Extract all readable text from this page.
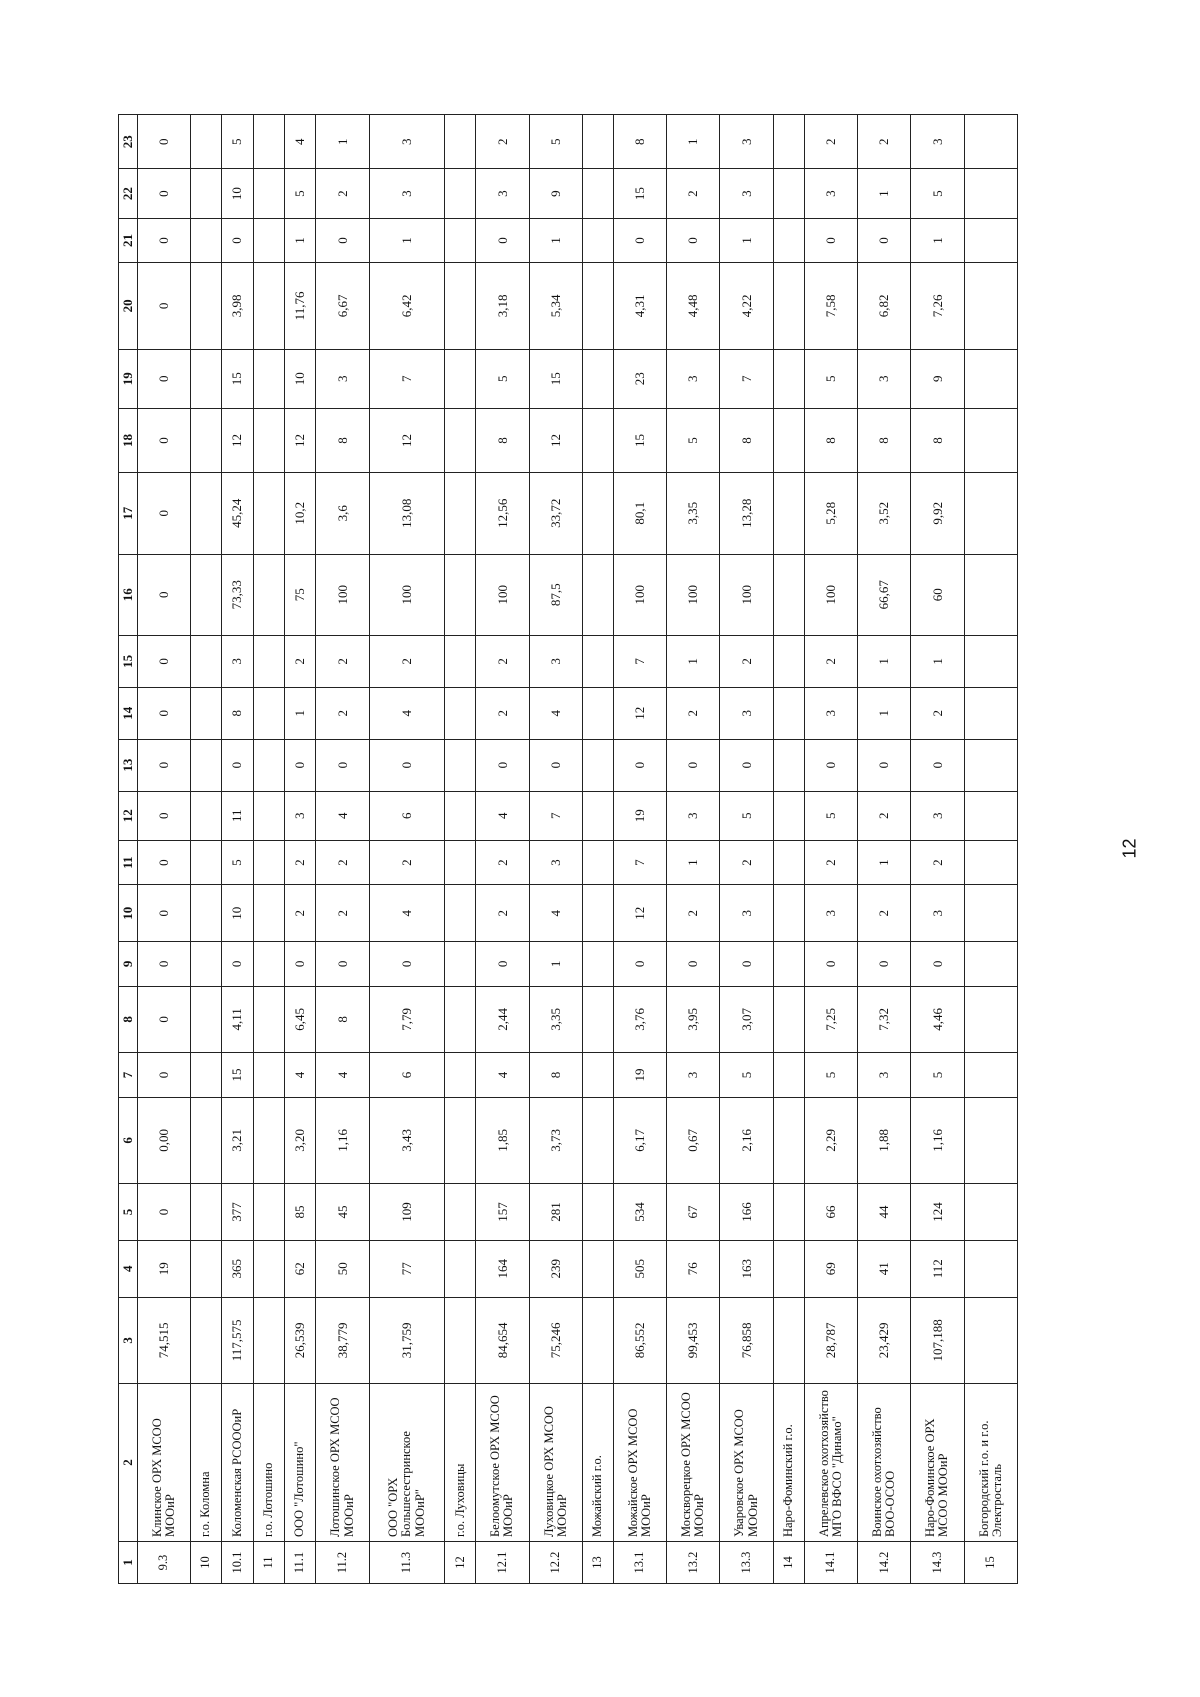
1	2	3	4	5	6	7	8	9	10	11	12	13	14	15	16	17	18	19	20	21	22	23
9.3	Клинское ОРХ МСОО МООиР	74,515	19	0	0,00	0	0	0	0	0	0	0	0	0	0	0	0	0	0	0	0	0
10	г.о. Коломна																					
10.1	Коломенская РСОООиР	117,575	365	377	3,21	15	4,11	0	10	5	11	0	8	3	73,33	45,24	12	15	3,98	0	10	5
11	г.о. Лотошино																					
11.1	ООО "Лотошино"	26,539	62	85	3,20	4	6,45	0	2	2	3	0	1	2	75	10,2	12	10	11,76	1	5	4
11.2	Лотошинское ОРХ МСОО МООиР	38,779	50	45	1,16	4	8	0	2	2	4	0	2	2	100	3,6	8	3	6,67	0	2	1
11.3	ООО "ОРХ Большесестринское МООиР"	31,759	77	109	3,43	6	7,79	0	4	2	6	0	4	2	100	13,08	12	7	6,42	1	3	3
12	г.о. Луховицы																					
12.1	Белоомутское ОРХ МСОО МООиР	84,654	164	157	1,85	4	2,44	0	2	2	4	0	2	2	100	12,56	8	5	3,18	0	3	2
12.2	Луховицкое ОРХ МСОО МООиР	75,246	239	281	3,73	8	3,35	1	4	3	7	0	4	3	87,5	33,72	12	15	5,34	1	9	5
13	Можайский г.о.																					
13.1	Можайское ОРХ МСОО МООиР	86,552	505	534	6,17	19	3,76	0	12	7	19	0	12	7	100	80,1	15	23	4,31	0	15	8
13.2	Москворецкое ОРХ МСОО МООиР	99,453	76	67	0,67	3	3,95	0	2	1	3	0	2	1	100	3,35	5	3	4,48	0	2	1
13.3	Уваровское ОРХ МСОО МООиР	76,858	163	166	2,16	5	3,07	0	3	2	5	0	3	2	100	13,28	8	7	4,22	1	3	3
14	Наро-Фоминский г.о.																					
14.1	Апрелевское охотхозяйство МГО ВФСО "Динамо"	28,787	69	66	2,29	5	7,25	0	3	2	5	0	3	2	100	5,28	8	5	7,58	0	3	2
14.2	Воинское охотхозяйство ВОО-ОСОО	23,429	41	44	1,88	3	7,32	0	2	1	2	0	1	1	66,67	3,52	8	3	6,82	0	1	2
14.3	Наро-Фоминское ОРХ МСОО МООиР	107,188	112	124	1,16	5	4,46	0	3	2	3	0	2	1	60	9,92	8	9	7,26	1	5	3
15	Богородский г.о. и г.о. Электросталь																					
12
